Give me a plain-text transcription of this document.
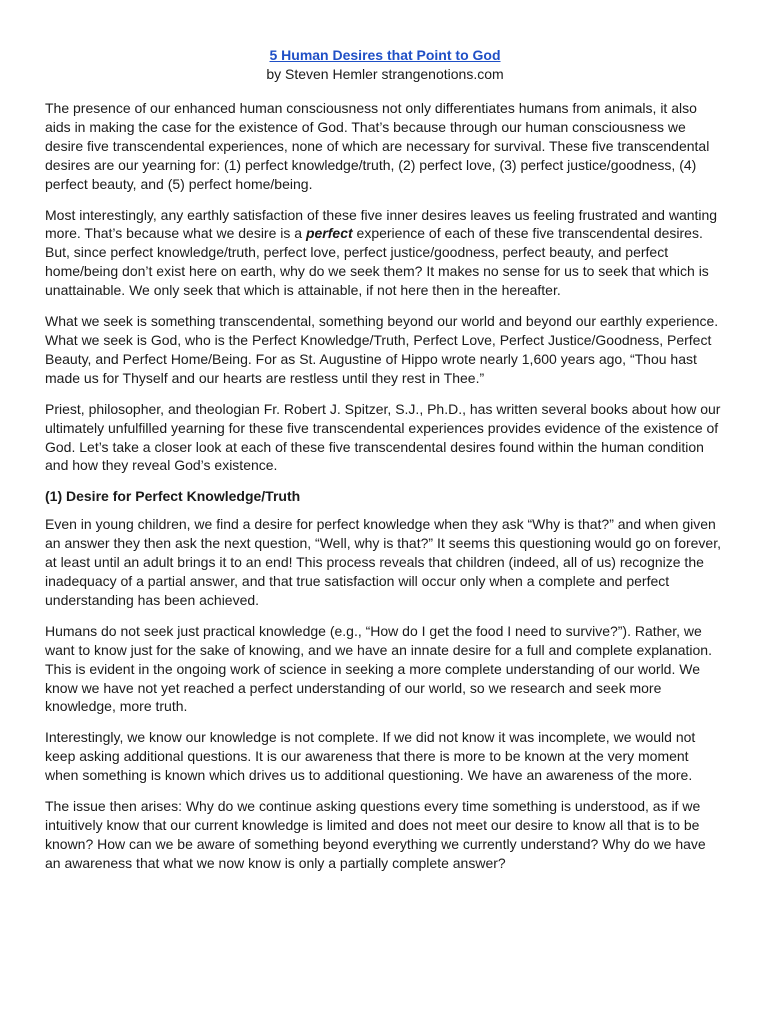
5 Human Desires that Point to God
by Steven Hemler strangenotions.com

The presence of our enhanced human consciousness not only differentiates humans from animals, it also aids in making the case for the existence of God. That’s because through our human consciousness we desire five transcendental experiences, none of which are necessary for survival. These five transcendental desires are our yearning for: (1) perfect knowledge/truth, (2) perfect love, (3) perfect justice/goodness, (4) perfect beauty, and (5) perfect home/being.

Most interestingly, any earthly satisfaction of these five inner desires leaves us feeling frustrated and wanting more. That’s because what we desire is a perfect experience of each of these five transcendental desires. But, since perfect knowledge/truth, perfect love, perfect justice/goodness, perfect beauty, and perfect home/being don’t exist here on earth, why do we seek them? It makes no sense for us to seek that which is unattainable. We only seek that which is attainable, if not here then in the hereafter.

What we seek is something transcendental, something beyond our world and beyond our earthly experience. What we seek is God, who is the Perfect Knowledge/Truth, Perfect Love, Perfect Justice/Goodness, Perfect Beauty, and Perfect Home/Being. For as St. Augustine of Hippo wrote nearly 1,600 years ago, “Thou hast made us for Thyself and our hearts are restless until they rest in Thee.”

Priest, philosopher, and theologian Fr. Robert J. Spitzer, S.J., Ph.D., has written several books about how our ultimately unfulfilled yearning for these five transcendental experiences provides evidence of the existence of God. Let’s take a closer look at each of these five transcendental desires found within the human condition and how they reveal God’s existence.

(1) Desire for Perfect Knowledge/Truth

Even in young children, we find a desire for perfect knowledge when they ask “Why is that?” and when given an answer they then ask the next question, “Well, why is that?” It seems this questioning would go on forever, at least until an adult brings it to an end! This process reveals that children (indeed, all of us) recognize the inadequacy of a partial answer, and that true satisfaction will occur only when a complete and perfect understanding has been achieved.

Humans do not seek just practical knowledge (e.g., “How do I get the food I need to survive?”). Rather, we want to know just for the sake of knowing, and we have an innate desire for a full and complete explanation. This is evident in the ongoing work of science in seeking a more complete understanding of our world. We know we have not yet reached a perfect understanding of our world, so we research and seek more knowledge, more truth.

Interestingly, we know our knowledge is not complete. If we did not know it was incomplete, we would not keep asking additional questions. It is our awareness that there is more to be known at the very moment when something is known which drives us to additional questioning. We have an awareness of the more.

The issue then arises: Why do we continue asking questions every time something is understood, as if we intuitively know that our current knowledge is limited and does not meet our desire to know all that is to be known? How can we be aware of something beyond everything we currently understand? Why do we have an awareness that what we now know is only a partially complete answer?
